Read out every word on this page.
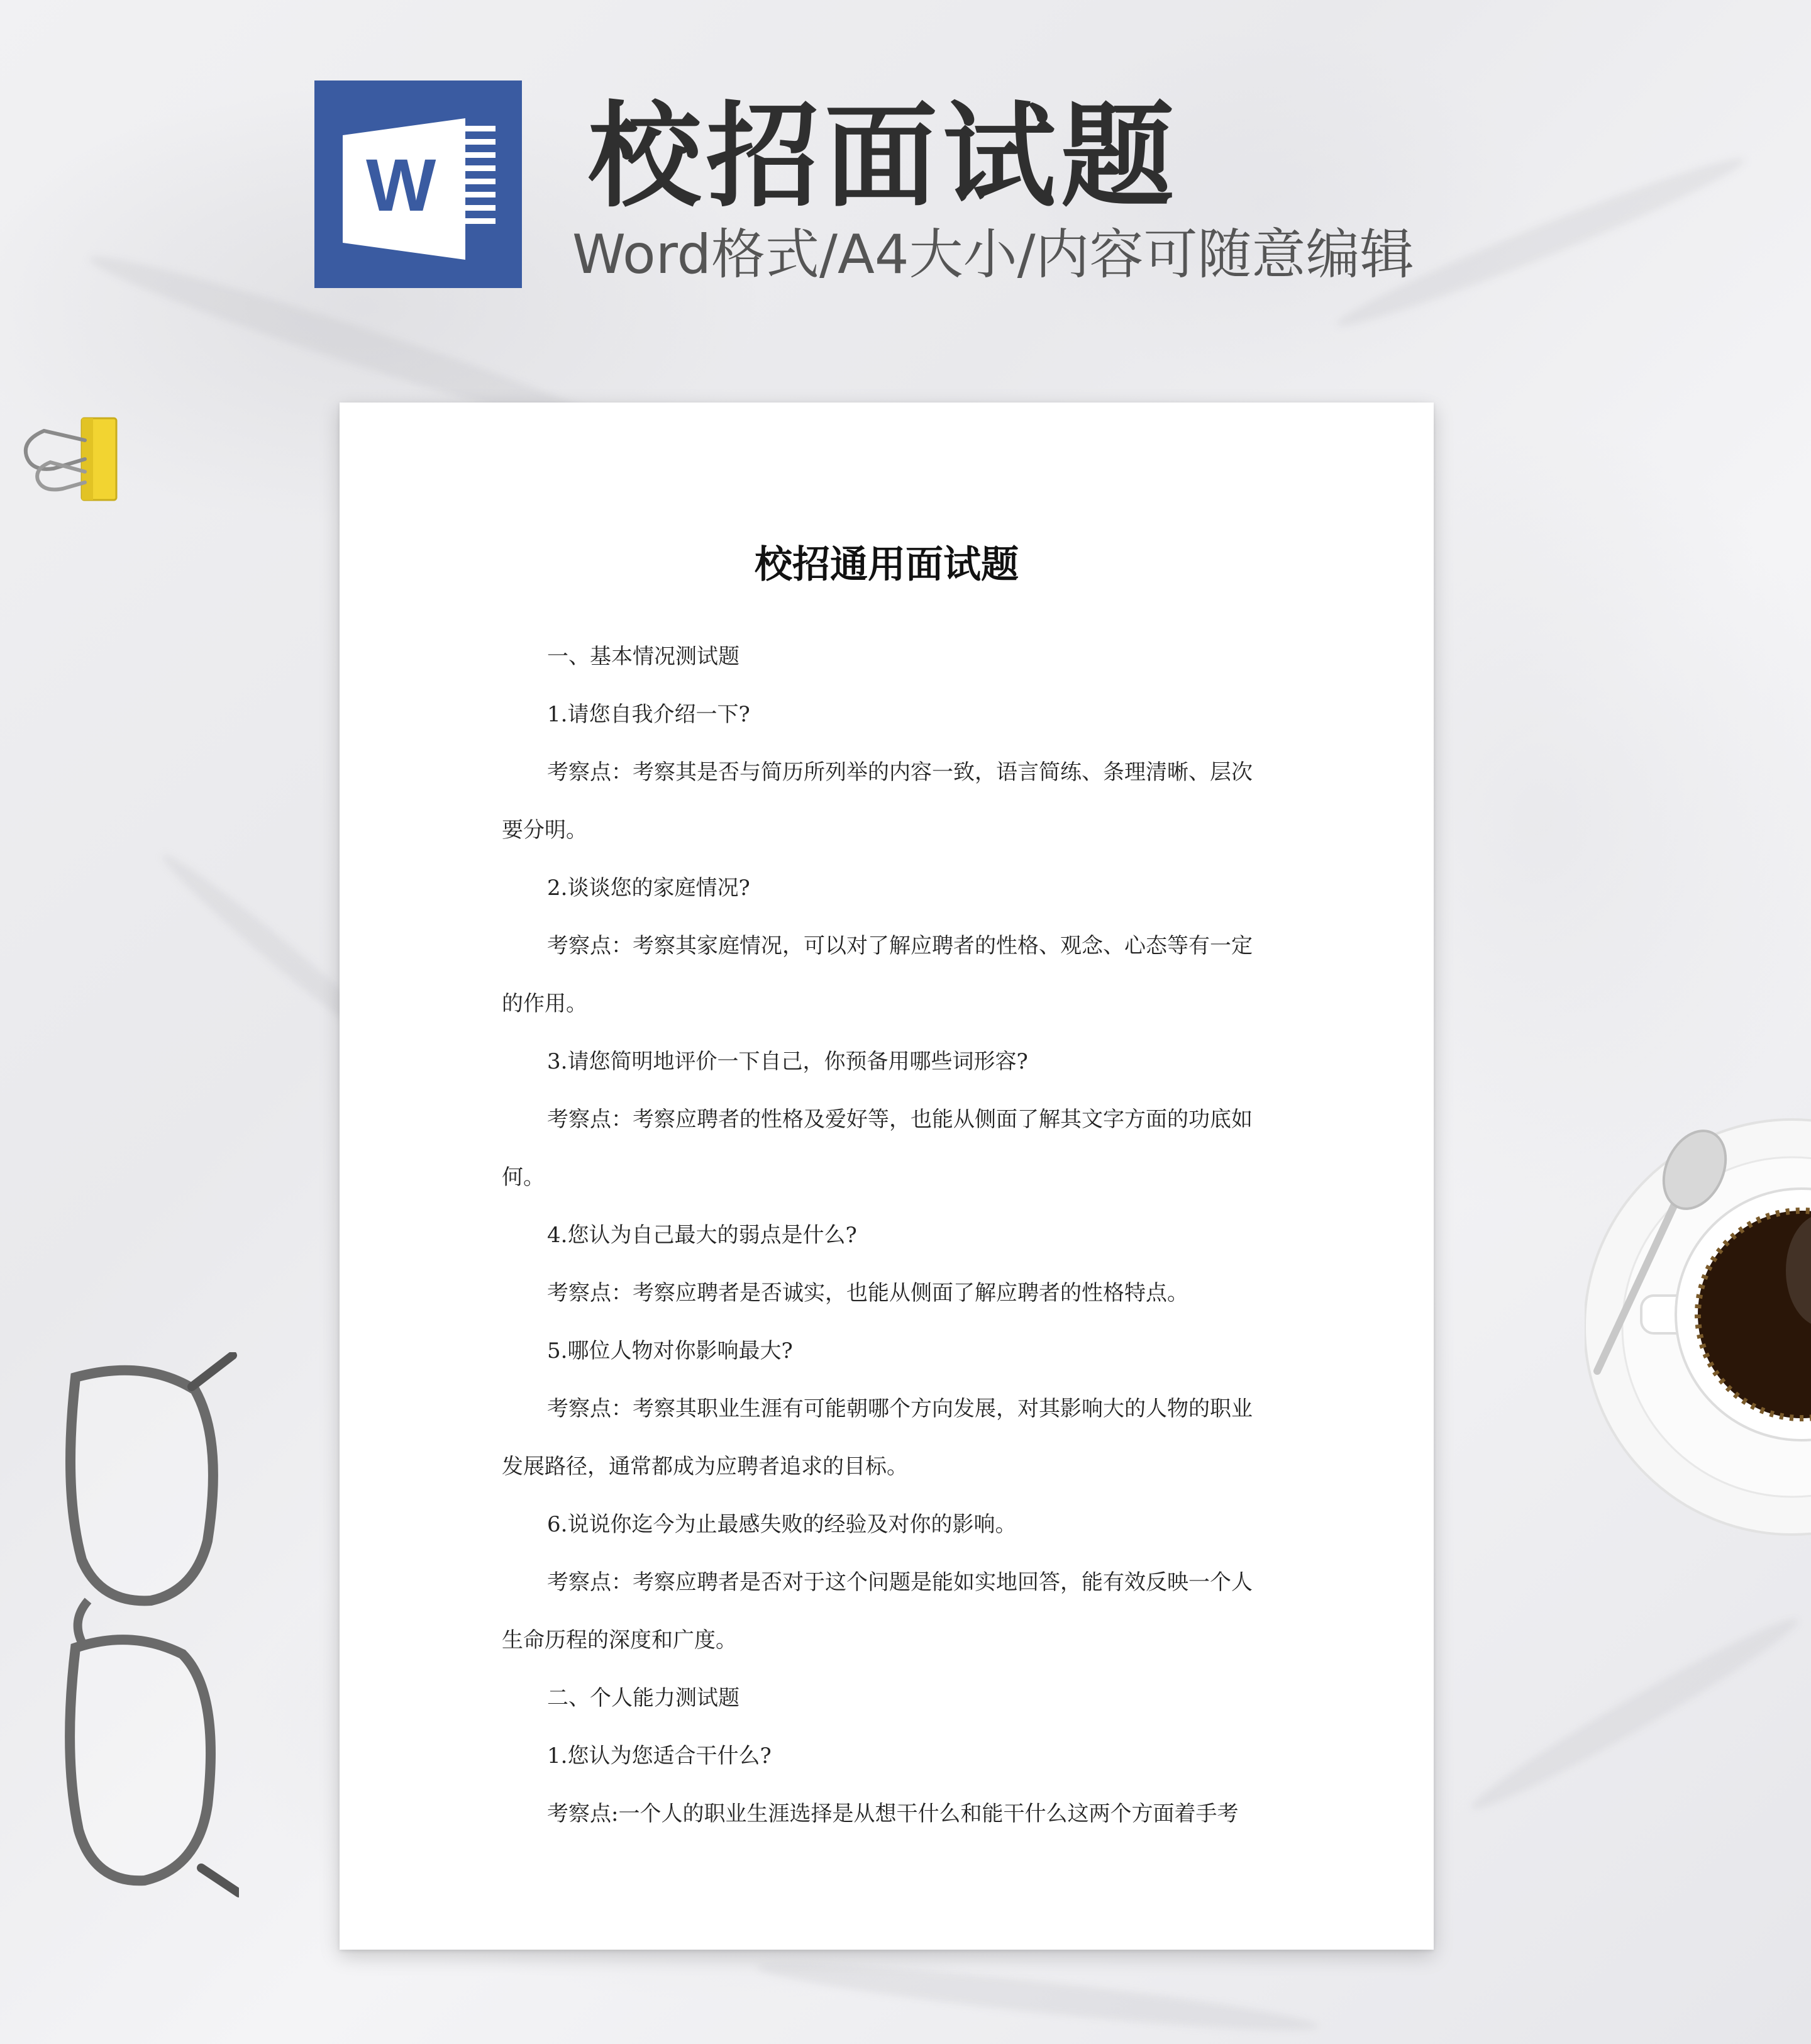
W 校招面试题
Word格式/A4大小/内容可随意编辑
校招通用面试题
一、基本情况测试题
1.请您自我介绍一下?
考察点：考察其是否与简历所列举的内容一致，语言简练、条理清晰、层次
要分明。
2.谈谈您的家庭情况?
考察点：考察其家庭情况，可以对了解应聘者的性格、观念、心态等有一定
的作用。
3.请您简明地评价一下自己，你预备用哪些词形容?
考察点：考察应聘者的性格及爱好等，也能从侧面了解其文字方面的功底如
何。
4.您认为自己最大的弱点是什么?
考察点：考察应聘者是否诚实，也能从侧面了解应聘者的性格特点。
5.哪位人物对你影响最大?
考察点：考察其职业生涯有可能朝哪个方向发展，对其影响大的人物的职业
发展路径，通常都成为应聘者追求的目标。
6.说说你迄今为止最感失败的经验及对你的影响。
考察点：考察应聘者是否对于这个问题是能如实地回答，能有效反映一个人
生命历程的深度和广度。
二、个人能力测试题
1.您认为您适合干什么?
考察点:一个人的职业生涯选择是从想干什么和能干什么这两个方面着手考
